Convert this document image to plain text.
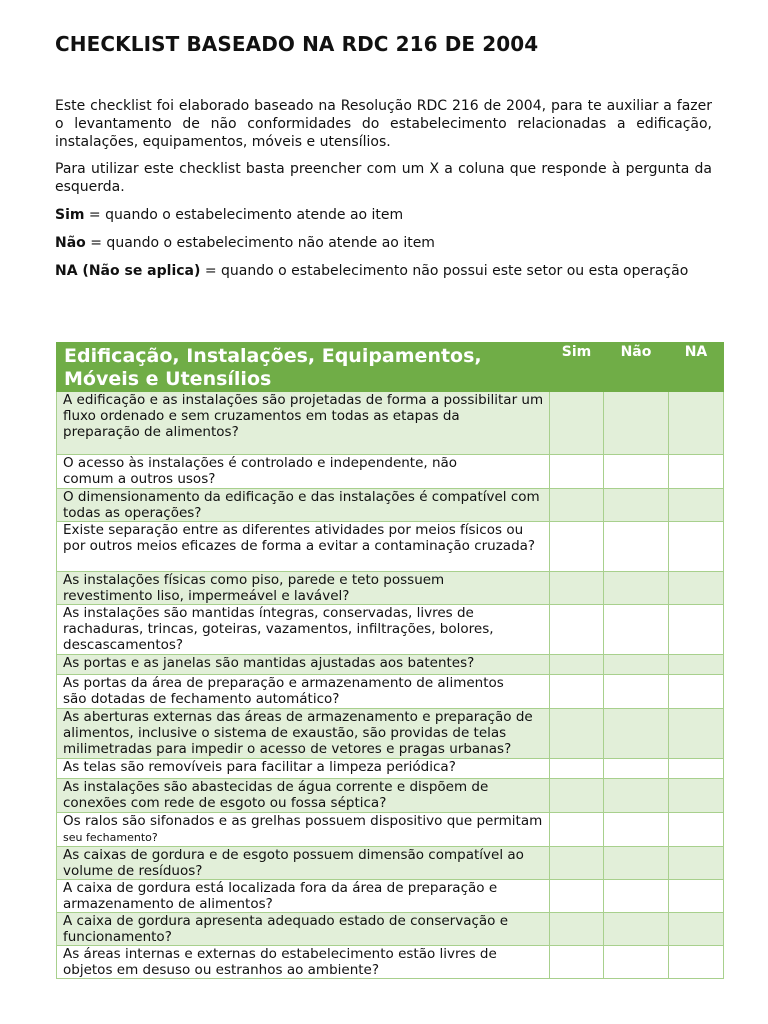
CHECKLIST BASEADO NA RDC 216 DE 2004

Este checklist foi elaborado baseado na Resolução RDC 216 de 2004, para te auxiliar a fazer o levantamento de não conformidades do estabelecimento relacionadas a edificação, instalações, equipamentos, móveis e utensílios.

Para utilizar este checklist basta preencher com um X a coluna que responde à pergunta da esquerda.

Sim = quando o estabelecimento atende ao item

Não = quando o estabelecimento não atende ao item

NA (Não se aplica) = quando o estabelecimento não possui este setor ou esta operação

Edificação, Instalações, Equipamentos, Móveis e Utensílios	Sim	Não	NA
A edificação e as instalações são projetadas de forma a possibilitar um fluxo ordenado e sem cruzamentos em todas as etapas da
preparação de alimentos?			
O acesso às instalações é controlado e independente, não
comum a outros usos?			
O dimensionamento da edificação e das instalações é compatível com todas as operações?			
Existe separação entre as diferentes atividades por meios físicos ou por outros meios eficazes de forma a evitar a contaminação cruzada?			
As instalações físicas como piso, parede e teto possuem
revestimento liso, impermeável e lavável?			
As instalações são mantidas íntegras, conservadas, livres de
rachaduras, trincas, goteiras, vazamentos, infiltrações, bolores,
descascamentos?			
As portas e as janelas são mantidas ajustadas aos batentes?			
As portas da área de preparação e armazenamento de alimentos
são dotadas de fechamento automático?			
As aberturas externas das áreas de armazenamento e preparação de alimentos, inclusive o sistema de exaustão, são providas de telas milimetradas para impedir o acesso de vetores e pragas urbanas?			
As telas são removíveis para facilitar a limpeza periódica?			
As instalações são abastecidas de água corrente e dispõem de
conexões com rede de esgoto ou fossa séptica?			
Os ralos são sifonados e as grelhas possuem dispositivo que permitam
seu fechamento?			
As caixas de gordura e de esgoto possuem dimensão compatível ao volume de resíduos?			
A caixa de gordura está localizada fora da área de preparação e
armazenamento de alimentos?			
A caixa de gordura apresenta adequado estado de conservação e funcionamento?			
As áreas internas e externas do estabelecimento estão livres de objetos em desuso ou estranhos ao ambiente?			
